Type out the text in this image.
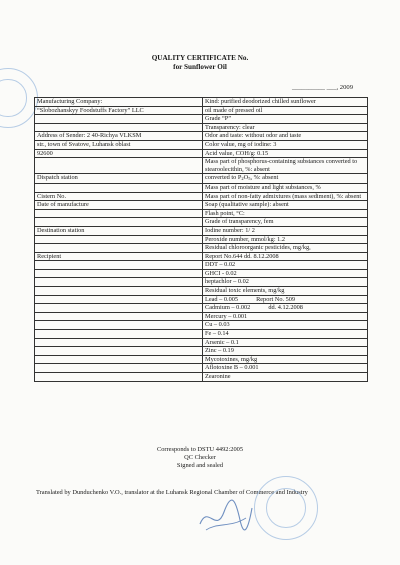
QUALITY CERTIFICATE No.
for Sunflower Oil
__________ ___, 2009
Manufacturing Company:	Kind: purified deodorized chilled sunflower
“Slobozhanskyy Foodstuffs Factory” LLC	oil made of pressed oil
	Grade “P”
	Transparency: clear
Address of Sender: 2 40-Richya VLKSM	Odor and taste: without odor and taste
str., town of Svatove, Luhansk oblast	Color value, mg of iodine: 3
92600	Acid value, COH/g: 0.15
	Mass part of phosphorus-containing substances converted to stearoolecithin, %: absent
Dispatch station	converted to $P_2O_5$, %: absent
	Mass part of moisture and light substances, %
Cistern No.	Mass part of non-fatty admixtures (mass sediment), %: absent
Date of manufacture	Soap (qualitative sample): absent
	Flash point, °C:
	Grade of transparency, fem
Destination station	Iodine number: 1/ 2
	Peroxide number, mmol/kg: 1.2
	Residual chloroorganic pesticides, mg/kg,
Recipient	Report No.644 dd. 8.12.2008
	DDT – 0.02
	GHCI - 0.02
	heptachlor – 0.02
	Residual toxic elements, mg/kg
	Lead – 0.005 Report No. 509
	Cadmium – 0.002 dd. 4.12.2008
	Mercury – 0.001
	Cu – 0.03
	Fe – 0.14
	Arsenic – 0.1
	Zinc – 0.19
	Mycotoxines, mg/kg
	Aflotoxine B – 0.001
	Zearonine
Corresponds to DSTU 4492:2005
QC Checker
Signed and sealed
Translated by Dunduchenko V.O., translator at the Luhansk Regional Chamber of Commerce and Industry
